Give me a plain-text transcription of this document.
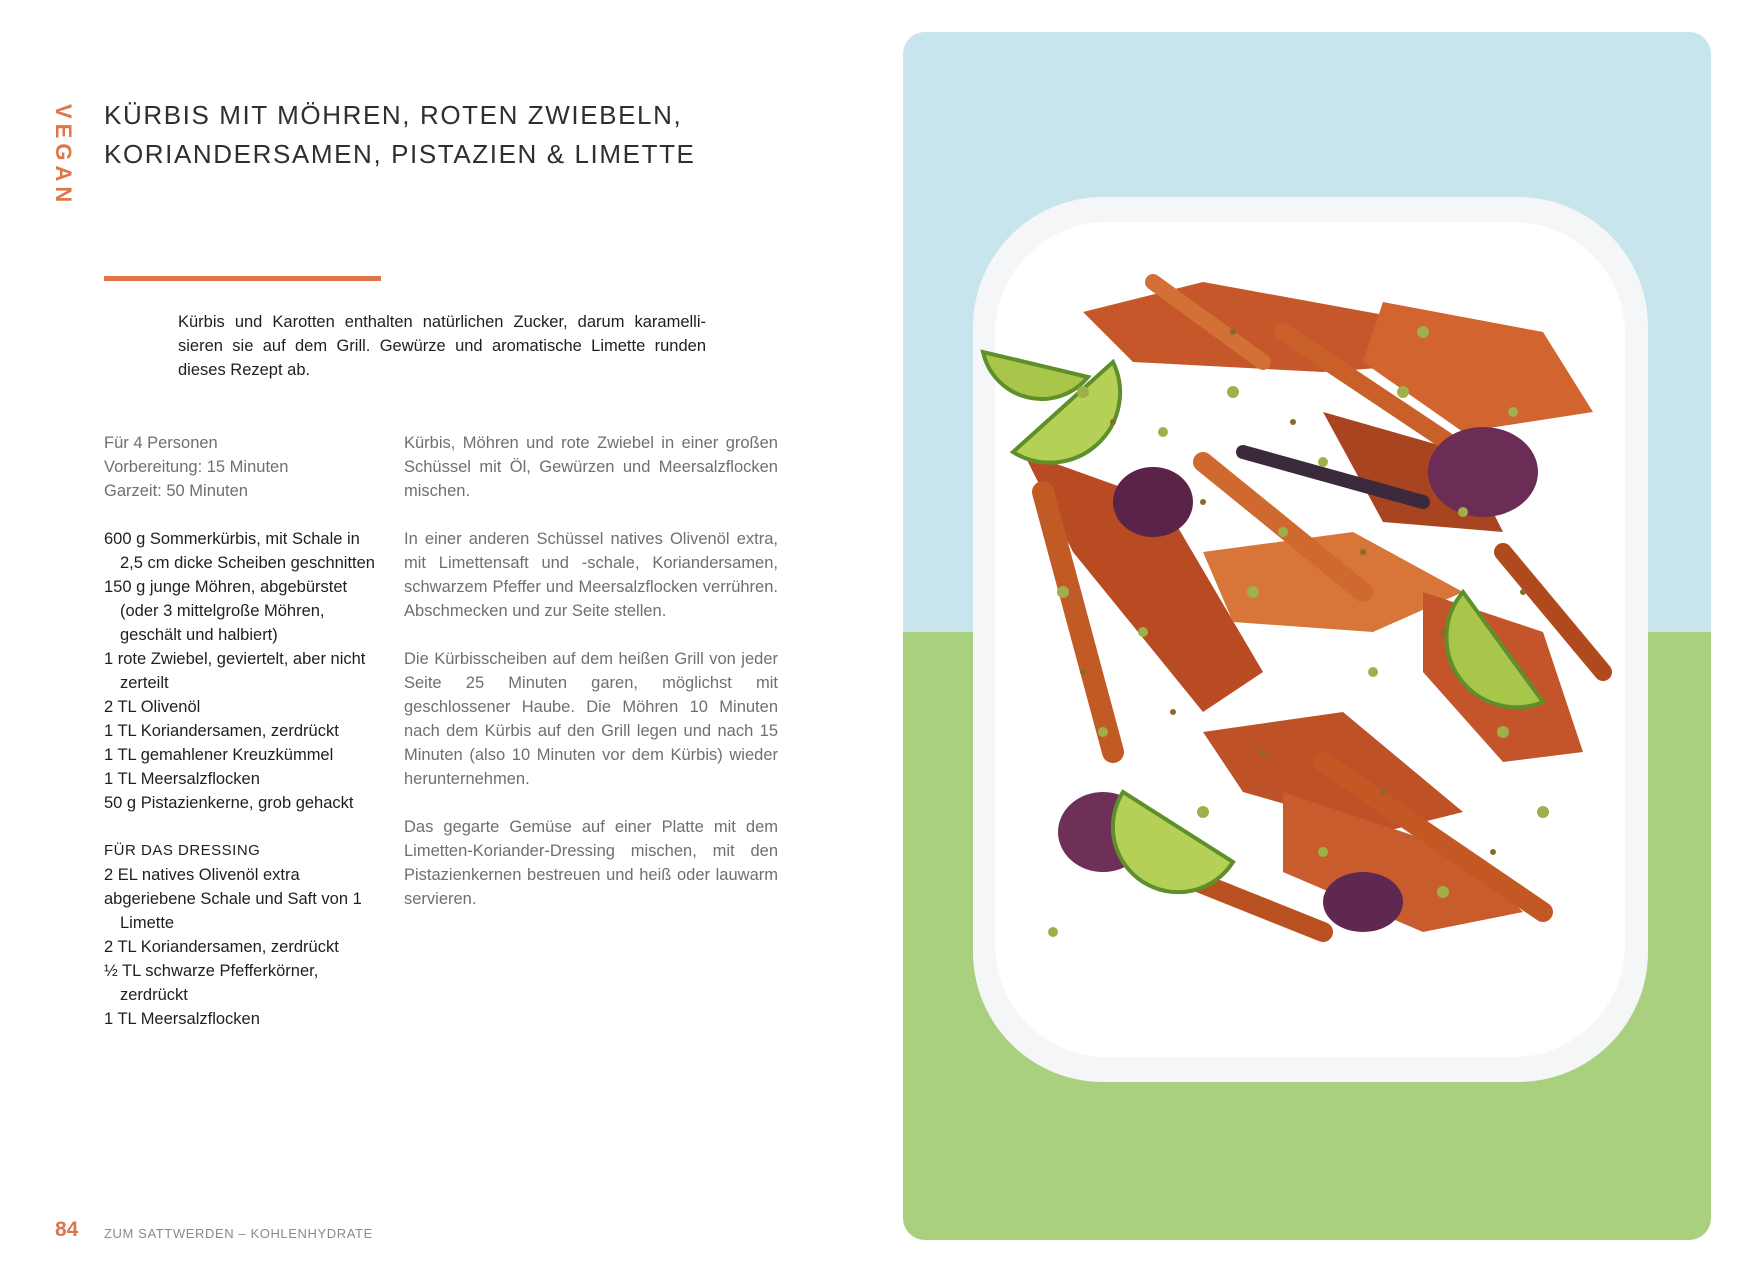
VEGAN KÜRBIS MIT MÖHREN, ROTEN ZWIEBELN,
KORIANDERSAMEN, PISTAZIEN & LIMETTE

Kürbis und Karotten enthalten natürlichen Zucker, darum karamellisieren sie auf dem Grill. Gewürze und aromatische Limette runden dieses Rezept ab.

Für 4 Personen
Vorbereitung: 15 Minuten
Garzeit: 50 Minuten
600 g Sommerkürbis, mit Schale in 2,5 cm dicke Scheiben geschnitten
150 g junge Möhren, abgebürstet (oder 3 mittelgroße Möhren, geschält und halbiert)
1 rote Zwiebel, geviertelt, aber nicht zerteilt
2 TL Olivenöl
1 TL Koriandersamen, zerdrückt
1 TL gemahlener Kreuzkümmel
1 TL Meersalzflocken
50 g Pistazienkerne, grob gehackt
FÜR DAS DRESSING
2 EL natives Olivenöl extra
abgeriebene Schale und Saft von 1 Limette
2 TL Koriandersamen, zerdrückt
½ TL schwarze Pfefferkörner, zerdrückt
1 TL Meersalzflocken

Kürbis, Möhren und rote Zwiebel in einer großen Schüssel mit Öl, Gewürzen und Meersalzflocken mischen.

In einer anderen Schüssel natives Olivenöl extra, mit Limettensaft und -schale, Koriandersamen, schwarzem Pfeffer und Meersalzflocken verrühren. Abschmecken und zur Seite stellen.

Die Kürbisscheiben auf dem heißen Grill von jeder Seite 25 Minuten garen, möglichst mit geschlossener Haube. Die Möhren 10 Minuten nach dem Kürbis auf den Grill legen und nach 15 Minuten (also 10 Minuten vor dem Kürbis) wieder herunternehmen.

Das gegarte Gemüse auf einer Platte mit dem Limetten-Koriander-Dressing mischen, mit den Pistazienkernen bestreuen und heiß oder lauwarm servieren.

84 ZUM SATTWERDEN – KOHLENHYDRATE
